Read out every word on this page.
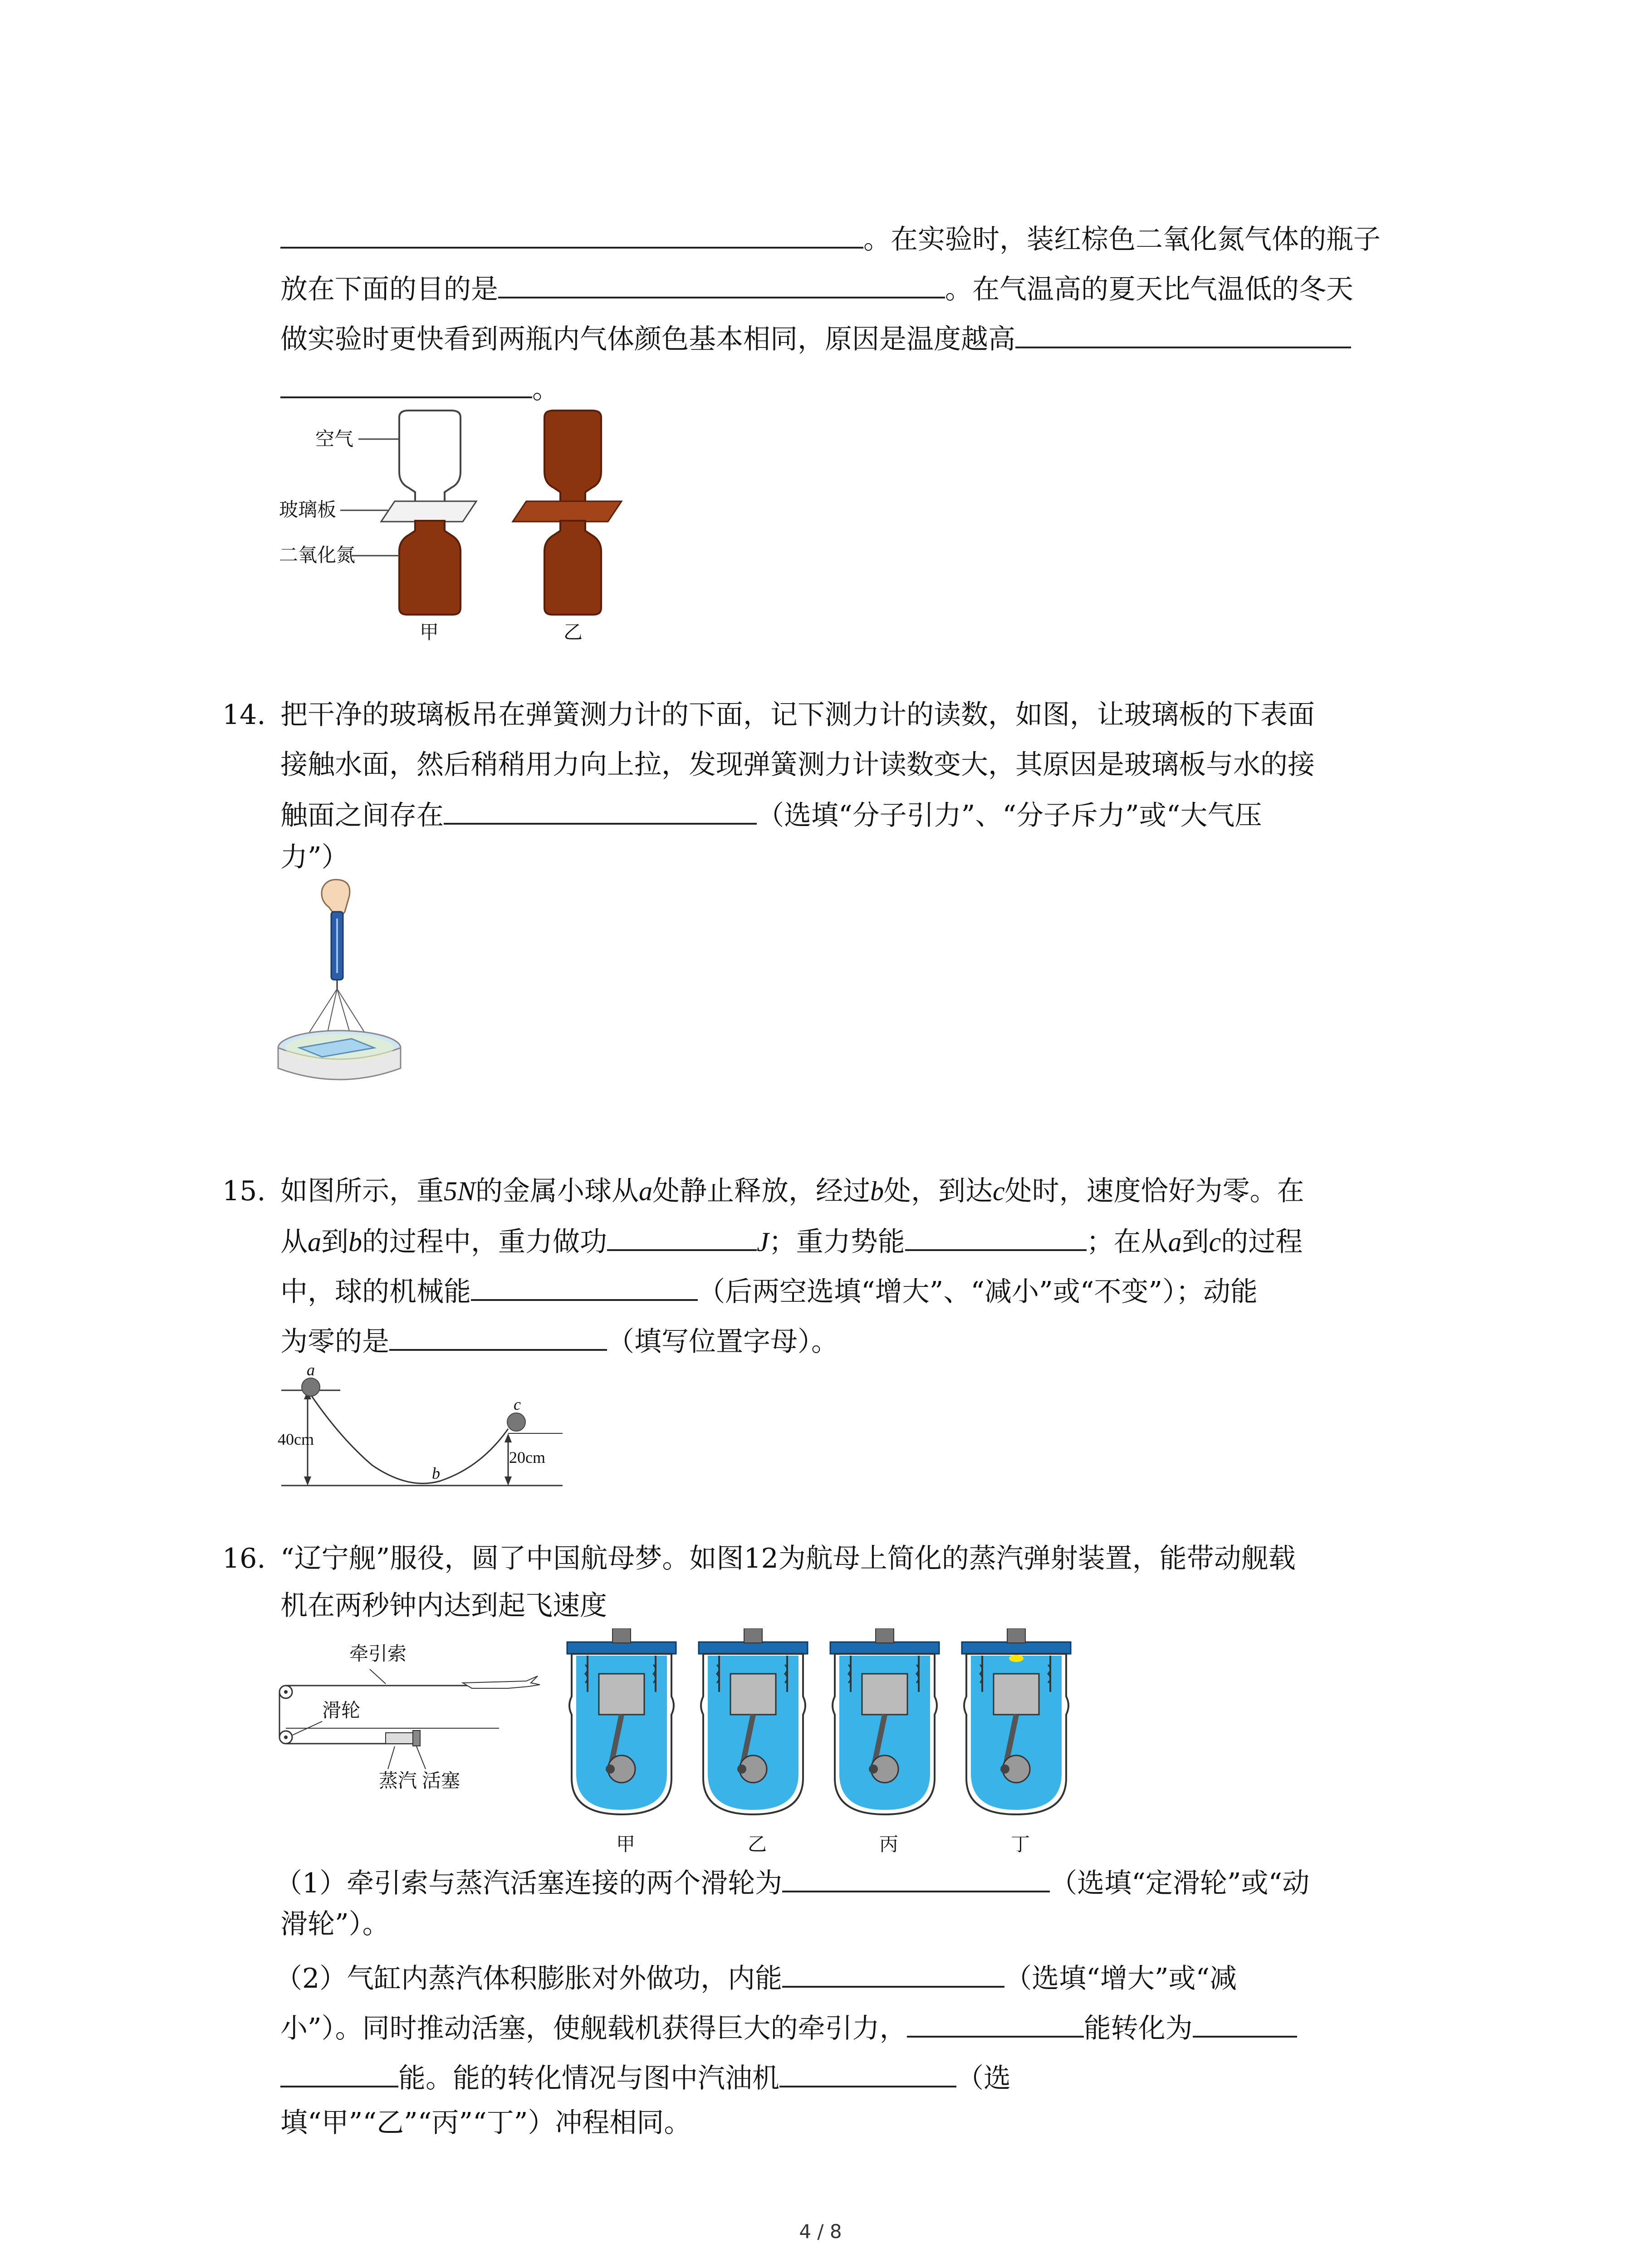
。在实验时，装红棕色二氧化氮气体的瓶子
放在下面的目的是	。在气温高的夏天比气温低的冬天
做实验时更快看到两瓶内气体颜色基本相同，原因是温度越高
。
空气
玻璃板
二氧化氮
甲	乙
14. 把干净的玻璃板吊在弹簧测力计的下面，记下测力计的读数，如图，让玻璃板的下表面
接触水面，然后稍稍用力向上拉，发现弹簧测力计读数变大，其原因是玻璃板与水的接
触面之间存在	（选填“分子引力”、“分子斥力”或“大气压
力”）
15. 如图所示，重5N的金属小球从a处静止释放，经过b处，到达c处时，速度恰好为零。在
从a到b的过程中，重力做功	J；重力势能	；在从a到c的过程
中，球的机械能	（后两空选填“增大”、“减小”或“不变”）；动能
为零的是	（填写位置字母）。
a
c
b
40cm
20cm
16. “辽宁舰”服役，圆了中国航母梦。如图12为航母上简化的蒸汽弹射装置，能带动舰载
机在两秒钟内达到起飞速度
牵引索
滑轮
蒸汽 活塞
甲	乙	丙	丁
（1）牵引索与蒸汽活塞连接的两个滑轮为	（选填“定滑轮”或“动
滑轮”）。
（2）气缸内蒸汽体积膨胀对外做功，内能	（选填“增大”或“减
小”）。同时推动活塞，使舰载机获得巨大的牵引力，	能转化为
能。能的转化情况与图中汽油机	（选
填“甲”“乙”“丙”“丁”）冲程相同。
4 / 8
